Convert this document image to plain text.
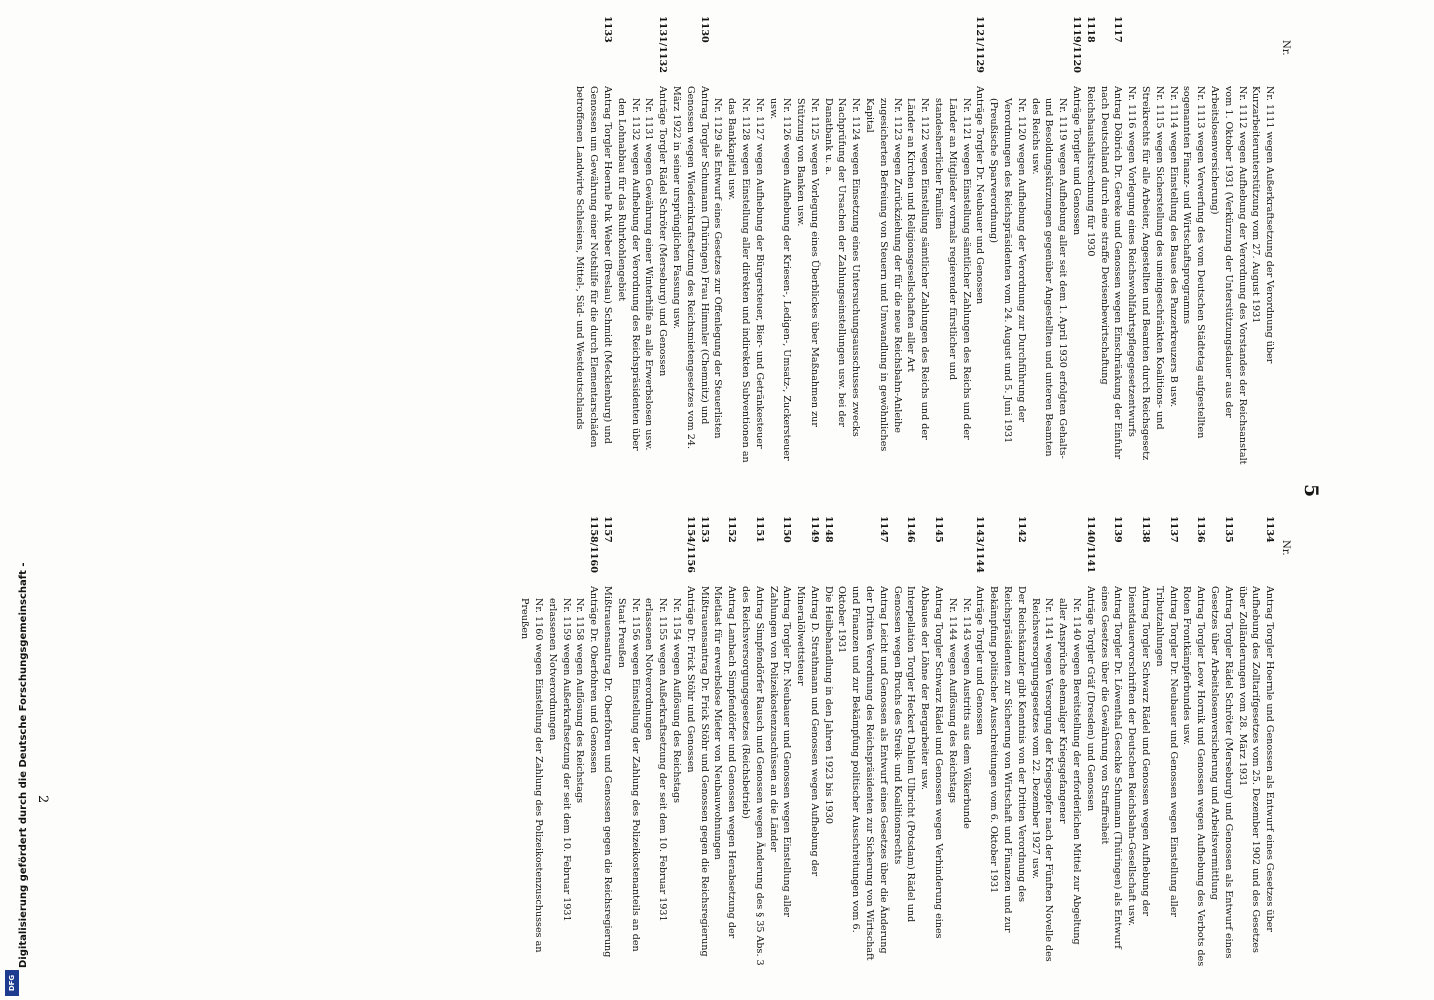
5
Nr.
Nr. 1111 wegen Außerkraftsetzung der Verordnung über Kurzarbeiterunterstützung vom 27. August 1931
Nr. 1112 wegen Aufhebung der Verordnung des Vorstandes der Reichsanstalt vom 1. Oktober 1931 (Verkürzung der Unterstützungsdauer aus der Arbeitslosenversicherung)
Nr. 1113 wegen Verwerfung des vom Deutschen Städtetag aufgestellten sogenannten Finanz- und Wirtschaftsprogramms
Nr. 1114 wegen Einstellung des Baues des Panzerkreuzers B usw.
Nr. 1115 wegen Sicherstellung des uneingeschränkten Koalitions- und Streikrechts für alle Arbeiter, Angestellten und Beamten durch Reichsgesetz
Nr. 1116 wegen Vorlegung eines Reichswohlfahrtspflegegesetzentwurfs
1117
Antrag Döbrich Dr. Gereke und Genossen wegen Einschränkung der Einfuhr nach Deutschland durch eine straffe Devisenbewirtschaftung
1118
Reichshaushaltsrechnung für 1930
1119/1120
Anträge Torgler und Genossen
Nr. 1119 wegen Aufhebung aller seit dem 1. April 1930 erfolgten Gehalts- und Besoldungskürzungen gegenüber Angestellten und unteren Beamten des Reichs usw.
Nr. 1120 wegen Aufhebung der Verordnung zur Durchführung der Verordnungen des Reichspräsidenten vom 24. August und 5. Juni 1931 (Preußische Sparverordnung)
1121/1129
Anträge Torgler Dr. Neubauer und Genossen
Nr. 1121 wegen Einstellung sämtlicher Zahlungen des Reichs und der Länder an Mitglieder vormals regierender fürstlicher und standesherrlicher Familien
Nr. 1122 wegen Einstellung sämtlicher Zahlungen des Reichs und der Länder an Kirchen und Religionsgesellschaften aller Art
Nr. 1123 wegen Zurückziehung der für die neue Reichsbahn-Anleihe zugesicherten Befreiung von Steuern und Umwandlung in gewöhnliches Kapital
Nr. 1124 wegen Einsetzung eines Untersuchungsausschusses zwecks Nachprüfung der Ursachen der Zahlungseinstellungen usw. bei der Danatbank u. a.
Nr. 1125 wegen Vorlegung eines Überblickes über Maßnahmen zur Stützung von Banken usw.
Nr. 1126 wegen Aufhebung der Kriesen-, Ledigen-, Umsatz-, Zuckersteuer usw.
Nr. 1127 wegen Aufhebung der Bürgersteuer, Bier- und Getränkesteuer
Nr. 1128 wegen Einstellung aller direkten und indirekten Subventionen an das Bankkapital usw.
Nr. 1129 als Entwurf eines Gesetzes zur Offenlegung der Steuerlisten
1130
Antrag Torgler Schumann (Thüringen) Frau Himmler (Chemnitz) und Genossen wegen Wiederinkraftsetzung des Reichsmietengesetzes vom 24. März 1922 in seiner ursprünglichen Fassung usw.
1131/1132
Anträge Torgler Rädel Schröter (Merseburg) und Genossen
Nr. 1131 wegen Gewährung einer Winterhilfe an alle Erwerbslosen usw.
Nr. 1132 wegen Aufhebung der Verordnung des Reichspräsidenten über den Lohnabbau für das Ruhrkohlengebiet
1133
Antrag Torgler Hoernle Puk Weber (Breslau) Schmidt (Mecklenburg) und Genossen um Gewährung einer Notshilfe für die durch Elementarschäden betroffenen Landwirte Schlesiens, Mittel-, Süd- und Westdeutschlands
Nr.
1134
Antrag Torgler Hoernle und Genossen als Entwurf eines Gesetzes über Aufhebung des Zolltarifgesetzes vom 25. Dezember 1902 und des Gesetzes über Zolländerungen vom 28. März 1931
1135
Antrag Torgler Rädel Schröter (Merseburg) und Genossen als Entwurf eines Gesetzes über Arbeitslosenversicherung und Arbeitsvermittlung
1136
Antrag Torgler Leow Hornik und Genossen wegen Aufhebung des Verbots des Roten Frontkämpferbundes usw.
1137
Antrag Torgler Dr. Neubauer und Genossen wegen Einstellung aller Tributzahlungen
1138
Antrag Torgler Schwarz Rädel und Genossen wegen Aufhebung der Dienstdauervorschriften der Deutschen Reichsbahn-Gesellschaft usw.
1139
Antrag Torgler Dr. Löwenthal Geschke Schumann (Thüringen) als Entwurf eines Gesetzes über die Gewährung von Straffreiheit
1140/1141
Anträge Torgler Gräf (Dresden) und Genossen
Nr. 1140 wegen Bereitstellung der erforderlichen Mittel zur Abgeltung aller Ansprüche ehemaliger Kriegsgefangener
Nr. 1141 wegen Versorgung der Kriegsopfer nach der Fünften Novelle des Reichsversorgungsgesetzes vom 22. Dezember 1927 usw.
1142
Der Reichskanzler gibt Kenntnis von der Dritten Verordnung des Reichspräsidenten zur Sicherung von Wirtschaft und Finanzen und zur Bekämpfung politischer Ausschreitungen vom 6. Oktober 1931
1143/1144
Anträge Torgler und Genossen
Nr. 1143 wegen Austritts aus dem Völkerbunde
Nr. 1144 wegen Auflösung des Reichstags
1145
Antrag Torgler Schwarz Rädel und Genossen wegen Verhinderung eines Abbaues der Löhne der Bergarbeiter usw.
1146
Interpellation Torgler Heckert Dahlem Ulbricht (Potsdam) Rädel und Genossen wegen Bruchs des Streik- und Koalitionsrechts
1147
Antrag Leicht und Genossen als Entwurf eines Gesetzes über die Änderung der Dritten Verordnung des Reichspräsidenten zur Sicherung von Wirtschaft und Finanzen und zur Bekämpfung politischer Ausschreitungen vom 6. Oktober 1931
1148
Die Heilbehandlung in den Jahren 1923 bis 1930
1149
Antrag D. Strathmann und Genossen wegen Aufhebung der Mineralölwettsteuer
1150
Antrag Torgler Dr. Neubauer und Genossen wegen Einstellung aller Zahlungen von Polizeikostenzuschüssen an die Länder
1151
Antrag Simpfendörfer Rausch und Genossen wegen Änderung des § 35 Abs. 3 des Reichsversorgungsgesetzes (Reichsbetrieb)
1152
Antrag Lambach Simpfendörfer und Genossen wegen Herabsetzung der Mietlast für erwerbslose Mieter von Neubauwohnungen
1153
Mißtrauensantrag Dr. Frick Stöhr und Genossen gegen die Reichsregierung
1154/1156
Anträge Dr. Frick Stöhr und Genossen
Nr. 1154 wegen Auflösung des Reichstags
Nr. 1155 wegen Außerkraftsetzung der seit dem 10. Februar 1931 erlassenen Notverordnungen
Nr. 1156 wegen Einstellung der Zahlung des Polizeikostenanteils an den Staat Preußen
1157
Mißtrauensantrag Dr. Oberfohren und Genossen gegen die Reichsregierung
1158/1160
Anträge Dr. Oberfohren und Genossen
Nr. 1158 wegen Auflösung des Reichstags
Nr. 1159 wegen Außerkraftsetzung der seit dem 10. Februar 1931 erlassenen Notverordnungen
Nr. 1160 wegen Einstellung der Zahlung des Polizeikostenzuschusses an Preußen
2
Digitalisierung gefördert durch die Deutsche Forschungsgemeinschaft -
DFG
